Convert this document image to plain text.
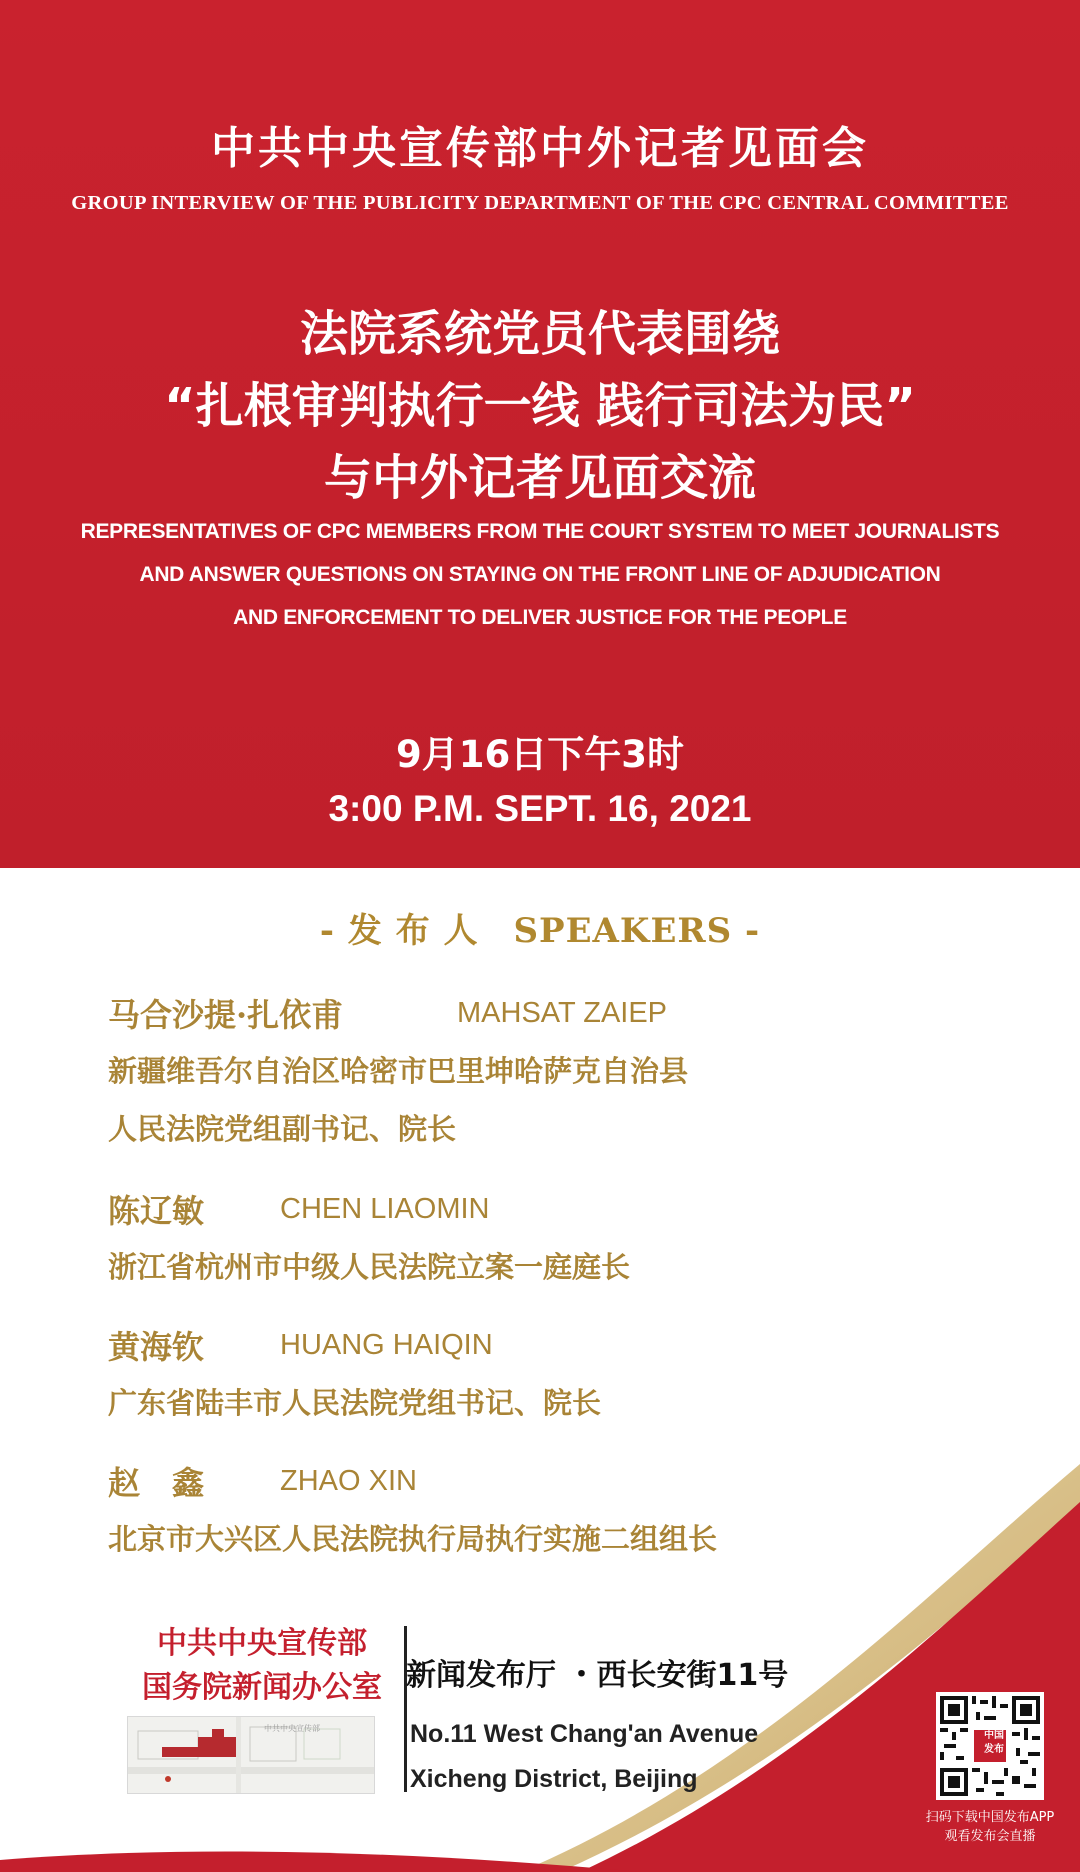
中共中央宣传部中外记者见面会
GROUP INTERVIEW OF THE PUBLICITY DEPARTMENT OF THE CPC CENTRAL COMMITTEE
法院系统党员代表围绕
“扎根审判执行一线 践行司法为民”
与中外记者见面交流
REPRESENTATIVES OF CPC MEMBERS FROM THE COURT SYSTEM TO MEET JOURNALISTS
AND ANSWER QUESTIONS ON STAYING ON THE FRONT LINE OF ADJUDICATION
AND ENFORCEMENT TO DELIVER JUSTICE FOR THE PEOPLE
9月16日下午3时
3:00 P.M. SEPT. 16, 2021
- 发 布 人　SPEAKERS -
马合沙提·扎依甫	MAHSAT ZAIEP
新疆维吾尔自治区哈密市巴里坤哈萨克自治县
人民法院党组副书记、院长
陈辽敏	CHEN LIAOMIN
浙江省杭州市中级人民法院立案一庭庭长
黄海钦	HUANG HAIQIN
广东省陆丰市人民法院党组书记、院长
赵　鑫	ZHAO XIN
北京市大兴区人民法院执行局执行实施二组组长
中共中央宣传部
国务院新闻办公室 新闻发布厅 ・西长安街11号
No.11 West Chang'an Avenue
Xicheng District, Beijing
中共中央宣传部
中国
发布
扫码下载中国发布APP
观看发布会直播
